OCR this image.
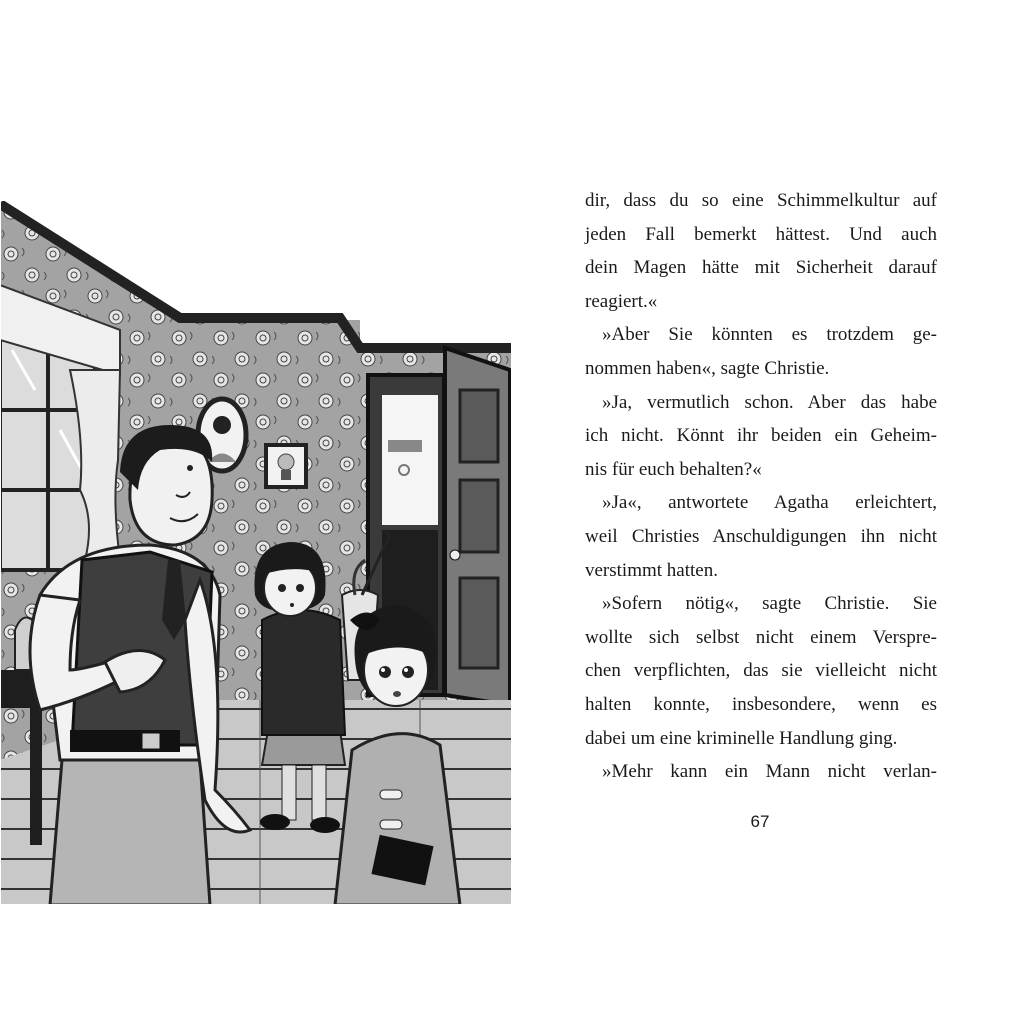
dir, dass du so eine Schimmelkultur auf
jeden Fall bemerkt hättest. Und auch
dein Magen hätte mit Sicherheit darauf
reagiert.«
»Aber Sie könnten es trotzdem ge-
nommen haben«, sagte Christie.
»Ja, vermutlich schon. Aber das habe
ich nicht. Könnt ihr beiden ein Geheim-
nis für euch behalten?«
»Ja«, antwortete Agatha erleichtert,
weil Christies Anschuldigungen ihn nicht
verstimmt hatten.
»Sofern nötig«, sagte Christie. Sie
wollte sich selbst nicht einem Verspre-
chen verpflichten, das sie vielleicht nicht
halten konnte, insbesondere, wenn es
dabei um eine kriminelle Handlung ging.
»Mehr kann ein Mann nicht verlan-
67
